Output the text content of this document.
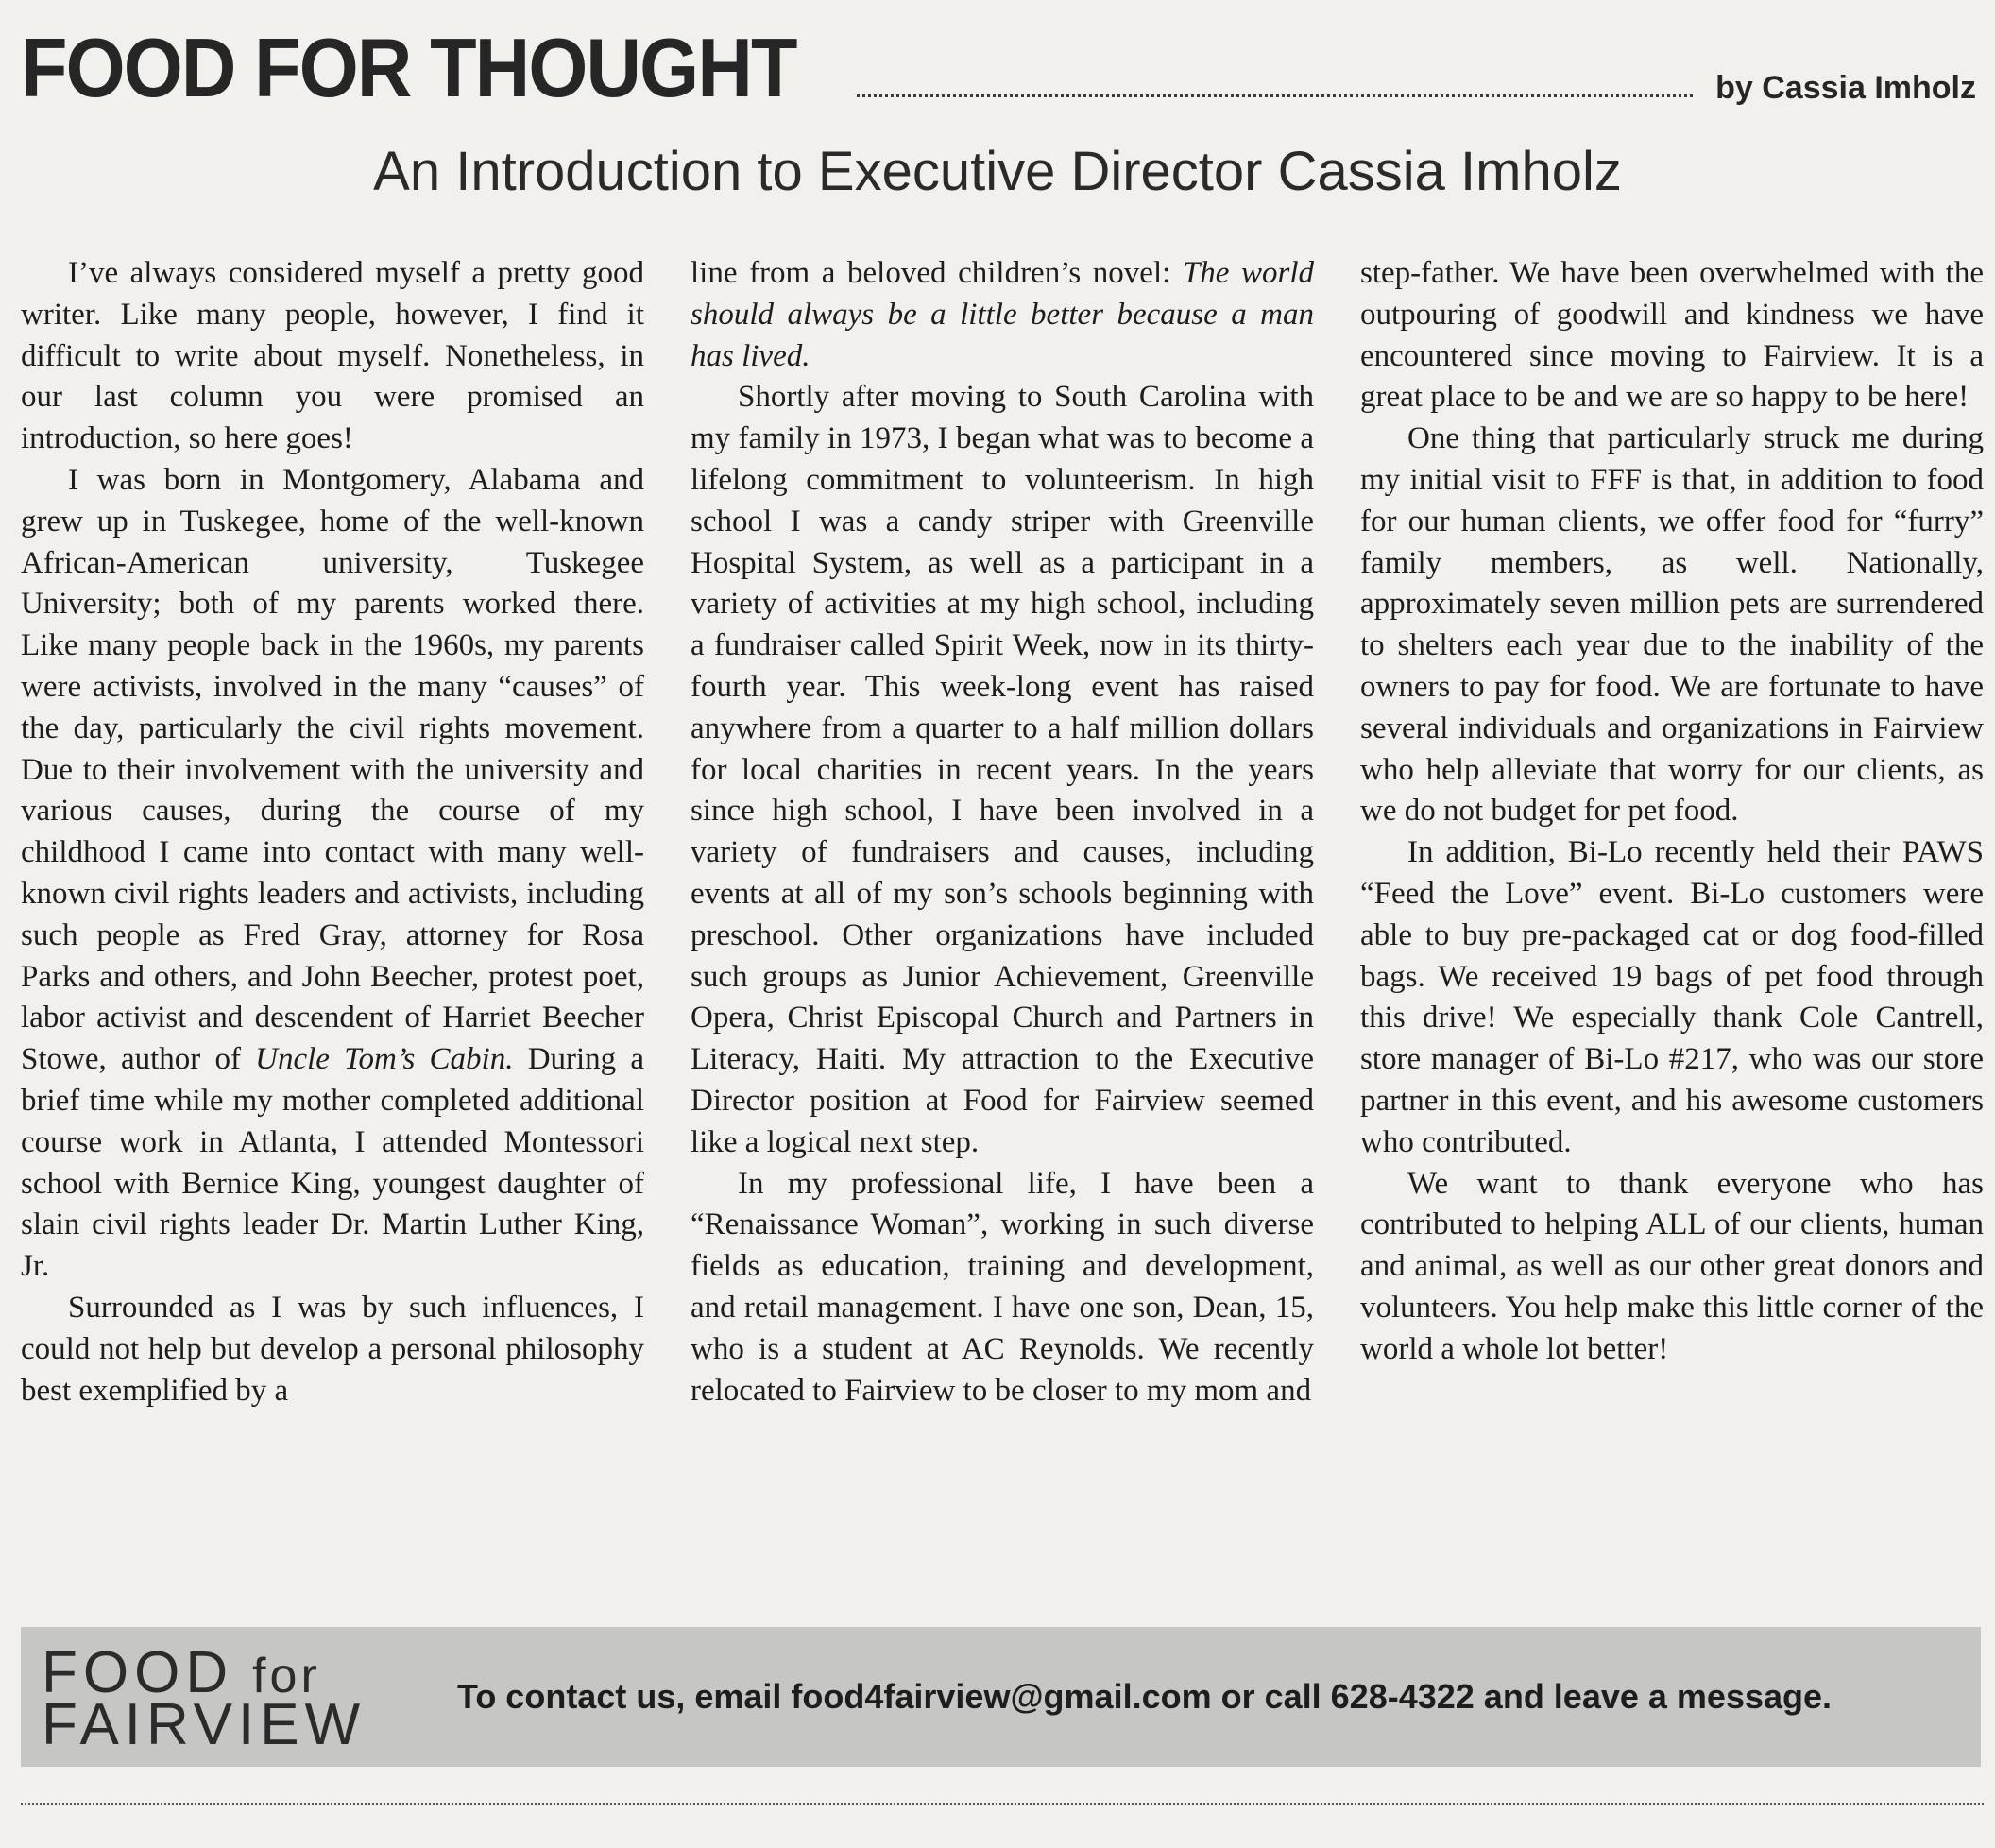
FOOD FOR THOUGHT	by Cassia Imholz
An Introduction to Executive Director Cassia Imholz

I’ve always considered myself a pretty good writer. Like many people, however, I find it difficult to write about myself. Nonetheless, in our last column you were promised an introduction, so here goes!

I was born in Montgomery, Alabama and grew up in Tuskegee, home of the well-known African-American university, Tuskegee University; both of my parents worked there. Like many people back in the 1960s, my parents were activists, involved in the many “causes” of the day, particularly the civil rights movement. Due to their involvement with the university and various causes, during the course of my childhood I came into contact with many well-known civil rights leaders and activists, including such people as Fred Gray, attorney for Rosa Parks and others, and John Beecher, protest poet, labor activist and descendent of Harriet Beecher Stowe, author of Uncle Tom’s Cabin. During a brief time while my mother completed additional course work in Atlanta, I attended Montessori school with Bernice King, youngest daughter of slain civil rights leader Dr. Martin Luther King, Jr.

Surrounded as I was by such influences, I could not help but develop a personal philosophy best exemplified by a

line from a beloved children’s novel: The world should always be a little better because a man has lived.

Shortly after moving to South Carolina with my family in 1973, I began what was to become a lifelong commitment to volunteerism. In high school I was a candy striper with Greenville Hospital System, as well as a participant in a variety of activities at my high school, including a fundraiser called Spirit Week, now in its thirty-fourth year. This week-long event has raised anywhere from a quarter to a half million dollars for local charities in recent years. In the years since high school, I have been involved in a variety of fundraisers and causes, including events at all of my son’s schools beginning with preschool. Other organizations have included such groups as Junior Achievement, Greenville Opera, Christ Episcopal Church and Partners in Literacy, Haiti. My attraction to the Executive Director position at Food for Fairview seemed like a logical next step.

In my professional life, I have been a “Renaissance Woman”, working in such diverse fields as education, training and development, and retail management. I have one son, Dean, 15, who is a student at AC Reynolds. We recently relocated to Fairview to be closer to my mom and

step-father. We have been overwhelmed with the outpouring of goodwill and kindness we have encountered since moving to Fairview. It is a great place to be and we are so happy to be here!

One thing that particularly struck me during my initial visit to FFF is that, in addition to food for our human clients, we offer food for “furry” family members, as well. Nationally, approximately seven million pets are surrendered to shelters each year due to the inability of the owners to pay for food. We are fortunate to have several individuals and organizations in Fairview who help alleviate that worry for our clients, as we do not budget for pet food.

In addition, Bi-Lo recently held their PAWS “Feed the Love” event. Bi-Lo customers were able to buy pre-packaged cat or dog food-filled bags. We received 19 bags of pet food through this drive! We especially thank Cole Cantrell, store manager of Bi-Lo #217, who was our store partner in this event, and his awesome customers who contributed.

We want to thank everyone who has contributed to helping ALL of our clients, human and animal, as well as our other great donors and volunteers. You help make this little corner of the world a whole lot better!

FOOD for
FAIRVIEW	To contact us, email food4fairview@gmail.com or call 628-4322 and leave a message.
